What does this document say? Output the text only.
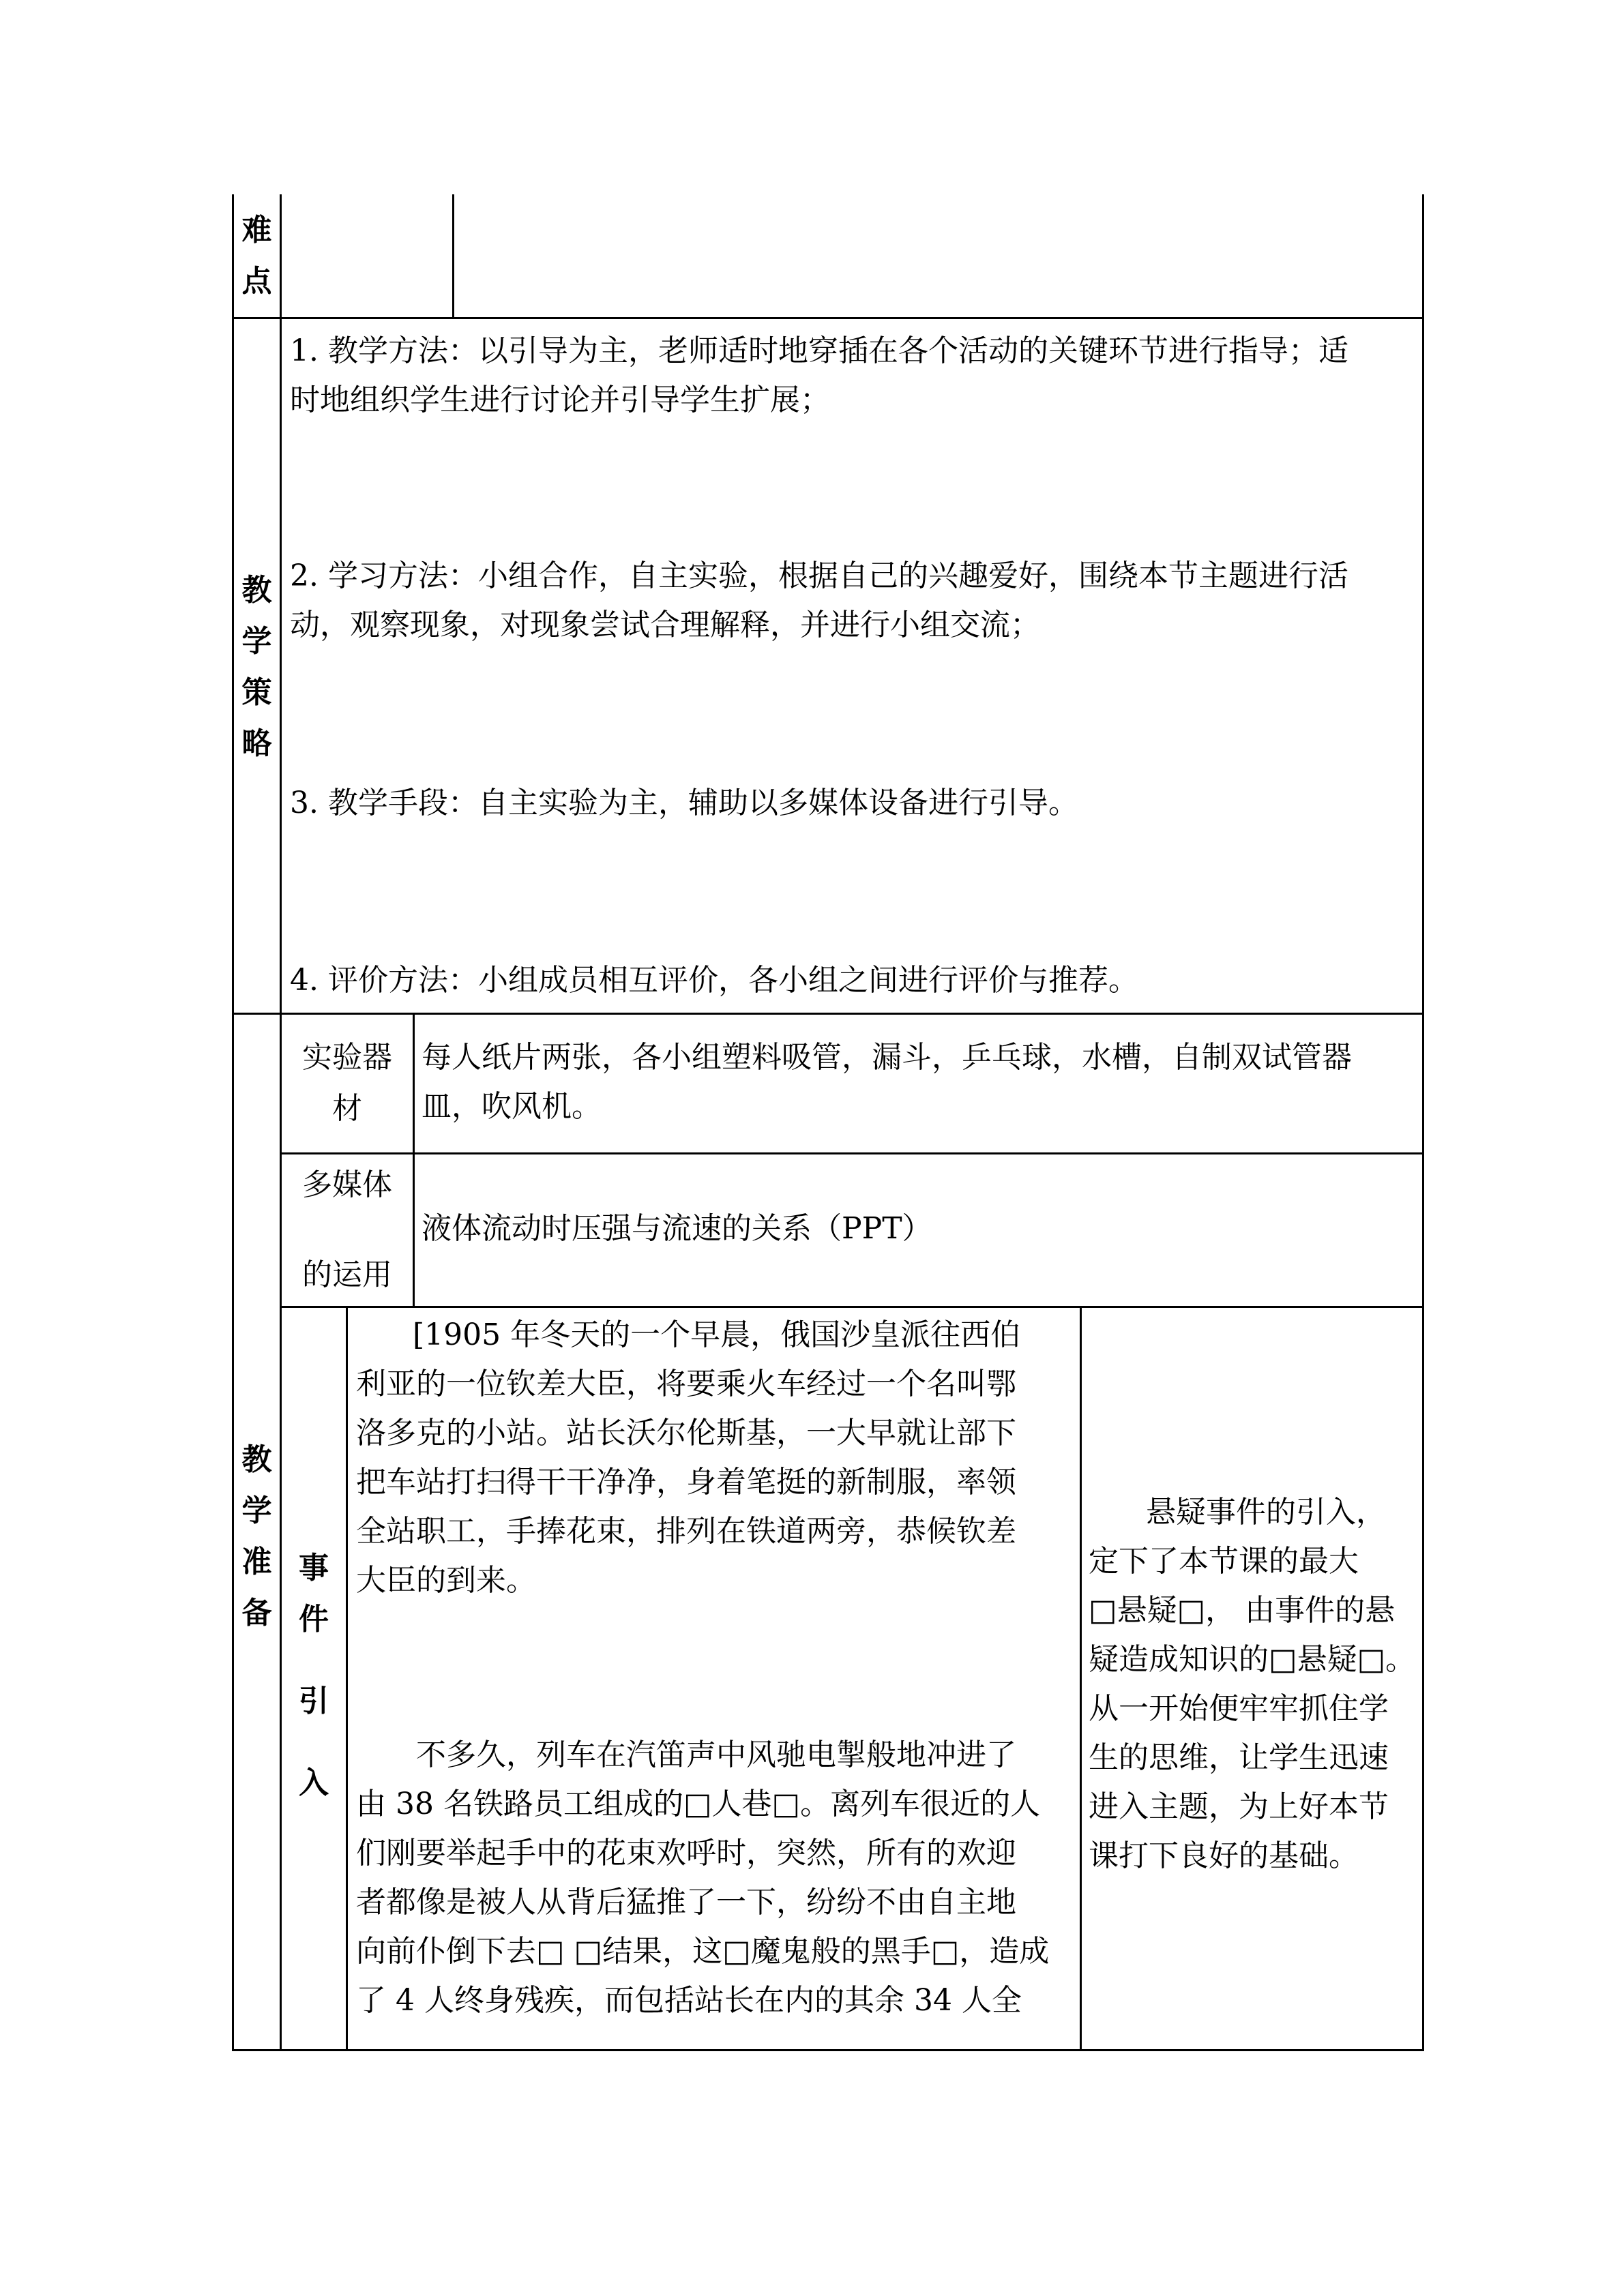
难
点
教
学
策
略
1. 教学方法：以引导为主，老师适时地穿插在各个活动的关键环节进行指导；适
时地组织学生进行讨论并引导学生扩展；
2. 学习方法：小组合作，自主实验，根据自己的兴趣爱好，围绕本节主题进行活
动，观察现象，对现象尝试合理解释，并进行小组交流；
3. 教学手段：自主实验为主，辅助以多媒体设备进行引导。
4. 评价方法：小组成员相互评价，各小组之间进行评价与推荐。
教
学
准
备
实验器
材
每人纸片两张，各小组塑料吸管，漏斗，乒乓球，水槽，自制双试管器
皿，吹风机。
多媒体
的运用
液体流动时压强与流速的关系（PPT）
事
件
引
入
[1905 年冬天的一个早晨，俄国沙皇派往西伯
利亚的一位钦差大臣，将要乘火车经过一个名叫鄂
洛多克的小站。站长沃尔伦斯基，一大早就让部下
把车站打扫得干干净净，身着笔挺的新制服，率领
全站职工，手捧花束，排列在铁道两旁，恭候钦差
大臣的到来。
不多久，列车在汽笛声中风驰电掣般地冲进了
由 38 名铁路员工组成的□人巷□。离列车很近的人
们刚要举起手中的花束欢呼时，突然，所有的欢迎
者都像是被人从背后猛推了一下，纷纷不由自主地
向前仆倒下去□ □结果，这□魔鬼般的黑手□，造成
了 4 人终身残疾，而包括站长在内的其余 34 人全
悬疑事件的引入，
定下了本节课的最大
□悬疑□， 由事件的悬
疑造成知识的□悬疑□。
从一开始便牢牢抓住学
生的思维，让学生迅速
进入主题，为上好本节
课打下良好的基础。
